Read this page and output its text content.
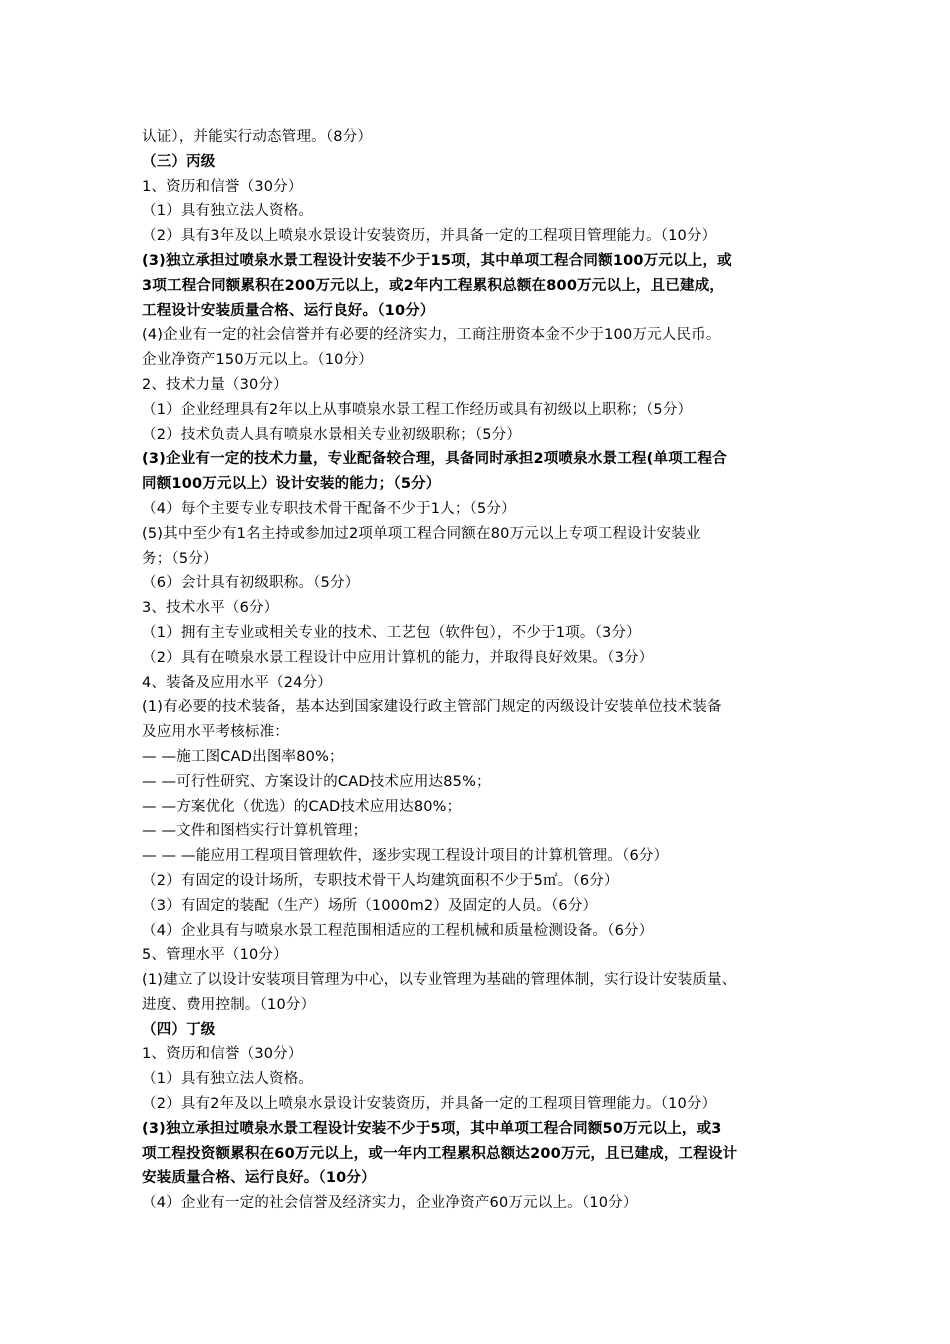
认证），并能实行动态管理。（8分）
（三）丙级
1、资历和信誉（30分）
（1）具有独立法人资格。
（2）具有3年及以上喷泉水景设计安装资历，并具备一定的工程项目管理能力。（10分）
(3)独立承担过喷泉水景工程设计安装不少于15项，其中单项工程合同额100万元以上，或
3项工程合同额累积在200万元以上，或2年内工程累积总额在800万元以上，且已建成，
工程设计安装质量合格、运行良好。（10分）
(4)企业有一定的社会信誉并有必要的经济实力，工商注册资本金不少于100万元人民币。
企业净资产150万元以上。（10分）
2、技术力量（30分）
（1）企业经理具有2年以上从事喷泉水景工程工作经历或具有初级以上职称；（5分）
（2）技术负责人具有喷泉水景相关专业初级职称；（5分）
(3)企业有一定的技术力量，专业配备较合理，具备同时承担2项喷泉水景工程(单项工程合
同额100万元以上）设计安装的能力；（5分）
（4）每个主要专业专职技术骨干配备不少于1人；（5分）
(5)其中至少有1名主持或参加过2项单项工程合同额在80万元以上专项工程设计安装业
务；（5分）
（6）会计具有初级职称。（5分）
3、技术水平（6分）
（1）拥有主专业或相关专业的技术、工艺包（软件包），不少于1项。（3分）
（2）具有在喷泉水景工程设计中应用计算机的能力，并取得良好效果。（3分）
4、装备及应用水平（24分）
(1)有必要的技术装备，基本达到国家建设行政主管部门规定的丙级设计安装单位技术装备
及应用水平考核标准：
— —施工图CAD出图率80%；
— —可行性研究、方案设计的CAD技术应用达85%；
— —方案优化（优选）的CAD技术应用达80%；
— —文件和图档实行计算机管理；
— — —能应用工程项目管理软件，逐步实现工程设计项目的计算机管理。（6分）
（2）有固定的设计场所，专职技术骨干人均建筑面积不少于5㎡。（6分）
（3）有固定的装配（生产）场所（1000m2）及固定的人员。（6分）
（4）企业具有与喷泉水景工程范围相适应的工程机械和质量检测设备。（6分）
5、管理水平（10分）
(1)建立了以设计安装项目管理为中心，以专业管理为基础的管理体制，实行设计安装质量、
进度、费用控制。（10分）
（四）丁级
1、资历和信誉（30分）
（1）具有独立法人资格。
（2）具有2年及以上喷泉水景设计安装资历，并具备一定的工程项目管理能力。（10分）
(3)独立承担过喷泉水景工程设计安装不少于5项，其中单项工程合同额50万元以上，或3
项工程投资额累积在60万元以上，或一年内工程累积总额达200万元，且已建成，工程设计
安装质量合格、运行良好。（10分）
（4）企业有一定的社会信誉及经济实力，企业净资产60万元以上。（10分）
